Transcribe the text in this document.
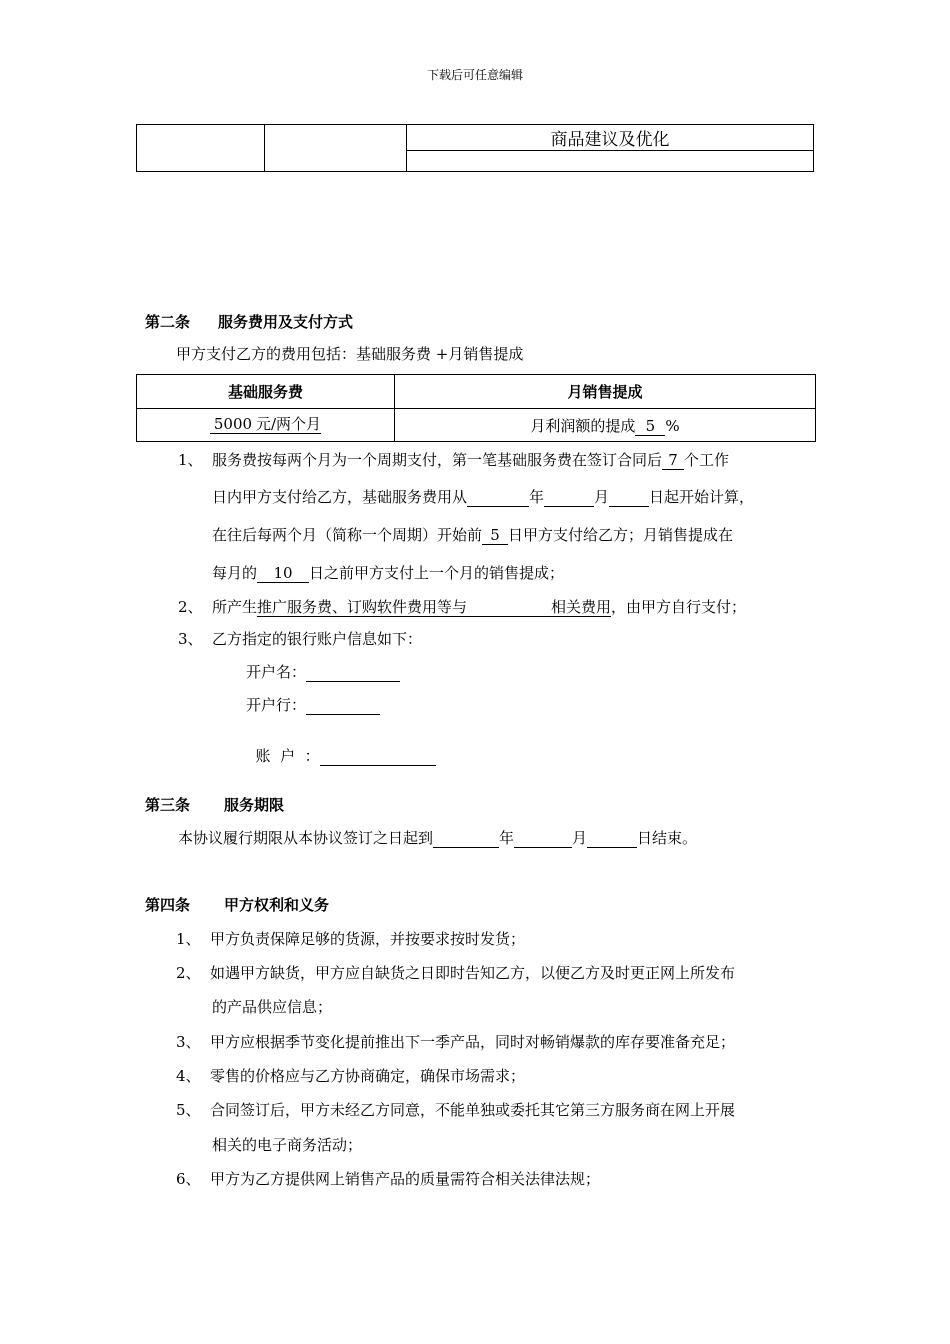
下载后可任意编辑
		商品建议及优化

第二条 服务费用及支付方式
甲方支付乙方的费用包括：基础服务费 +月销售提成
基础服务费	月销售提成
5000 元/两个月	月利润额的提成 5 %
1、 服务费按每两个月为一个周期支付，第一笔基础服务费在签订合同后 7 个工作
日内甲方支付给乙方，基础服务费用从	年	月	日起开始计算，
在往后每两个月（简称一个周期）开始前 5 日甲方支付给乙方；月销售提成在
每月的 10 日之前甲方支付上一个月的销售提成；
2、 所产生推广服务费、订购软件费用等与	相关费用，由甲方自行支付；
3、 乙方指定的银行账户信息如下：
开户名：
开户行：

账  户  ：

第三条 服务期限
本协议履行期限从本协议签订之日起到	年	月	日结束。
第四条 甲方权利和义务
1、 甲方负责保障足够的货源，并按要求按时发货；
2、 如遇甲方缺货，甲方应自缺货之日即时告知乙方，以便乙方及时更正网上所发布
的产品供应信息；
3、 甲方应根据季节变化提前推出下一季产品，同时对畅销爆款的库存要准备充足；
4、 零售的价格应与乙方协商确定，确保市场需求；
5、 合同签订后，甲方未经乙方同意，不能单独或委托其它第三方服务商在网上开展
相关的电子商务活动；
6、 甲方为乙方提供网上销售产品的质量需符合相关法律法规；
